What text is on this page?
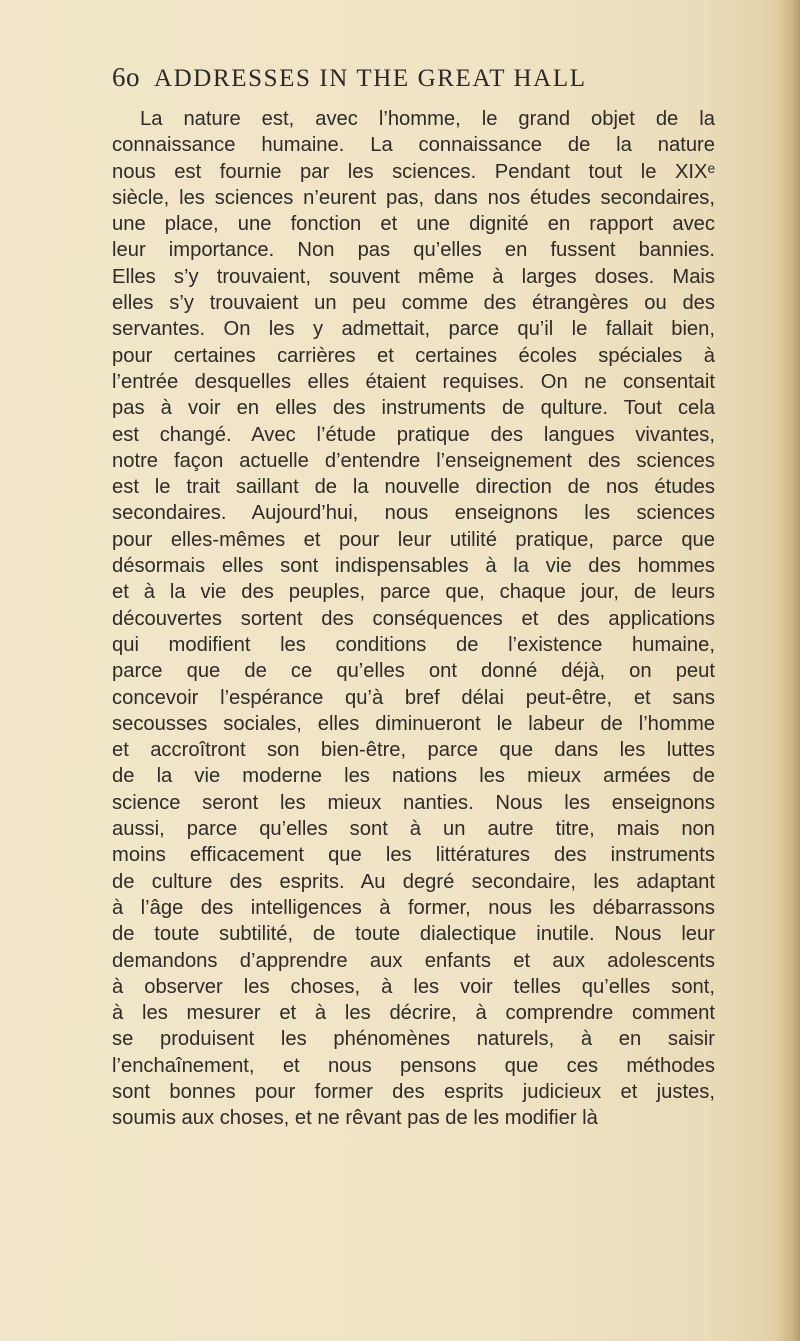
6o ADDRESSES IN THE GREAT HALL
La nature est, avec l’homme, le grand objet de la
connaissance humaine. La connaissance de la nature
nous est fournie par les sciences. Pendant tout le XIXᵉ
siècle, les sciences n’eurent pas, dans nos études secondaires,
une place, une fonction et une dignité en rapport avec
leur importance. Non pas qu’elles en fussent bannies.
Elles s’y trouvaient, souvent même à larges doses. Mais
elles s’y trouvaient un peu comme des étrangères ou des
servantes. On les y admettait, parce qu’il le fallait bien,
pour certaines carrières et certaines écoles spéciales à
l’entrée desquelles elles étaient requises. On ne consentait
pas à voir en elles des instruments de qulture. Tout cela
est changé. Avec l’étude pratique des langues vivantes,
notre façon actuelle d’entendre l’enseignement des sciences
est le trait saillant de la nouvelle direction de nos études
secondaires. Aujourd’hui, nous enseignons les sciences
pour elles-mêmes et pour leur utilité pratique, parce que
désormais elles sont indispensables à la vie des hommes
et à la vie des peuples, parce que, chaque jour, de leurs
découvertes sortent des conséquences et des applications
qui modifient les conditions de l’existence humaine,
parce que de ce qu’elles ont donné déjà, on peut
concevoir l’espérance qu’à bref délai peut-être, et sans
secousses sociales, elles diminueront le labeur de l’homme
et accroîtront son bien-être, parce que dans les luttes
de la vie moderne les nations les mieux armées de
science seront les mieux nanties. Nous les enseignons
aussi, parce qu’elles sont à un autre titre, mais non
moins efficacement que les littératures des instruments
de culture des esprits. Au degré secondaire, les adaptant
à l’âge des intelligences à former, nous les débarrassons
de toute subtilité, de toute dialectique inutile. Nous leur
demandons d’apprendre aux enfants et aux adolescents
à observer les choses, à les voir telles qu’elles sont,
à les mesurer et à les décrire, à comprendre comment
se produisent les phénomènes naturels, à en saisir
l’enchaînement, et nous pensons que ces méthodes
sont bonnes pour former des esprits judicieux et justes,
soumis aux choses, et ne rêvant pas de les modifier là
